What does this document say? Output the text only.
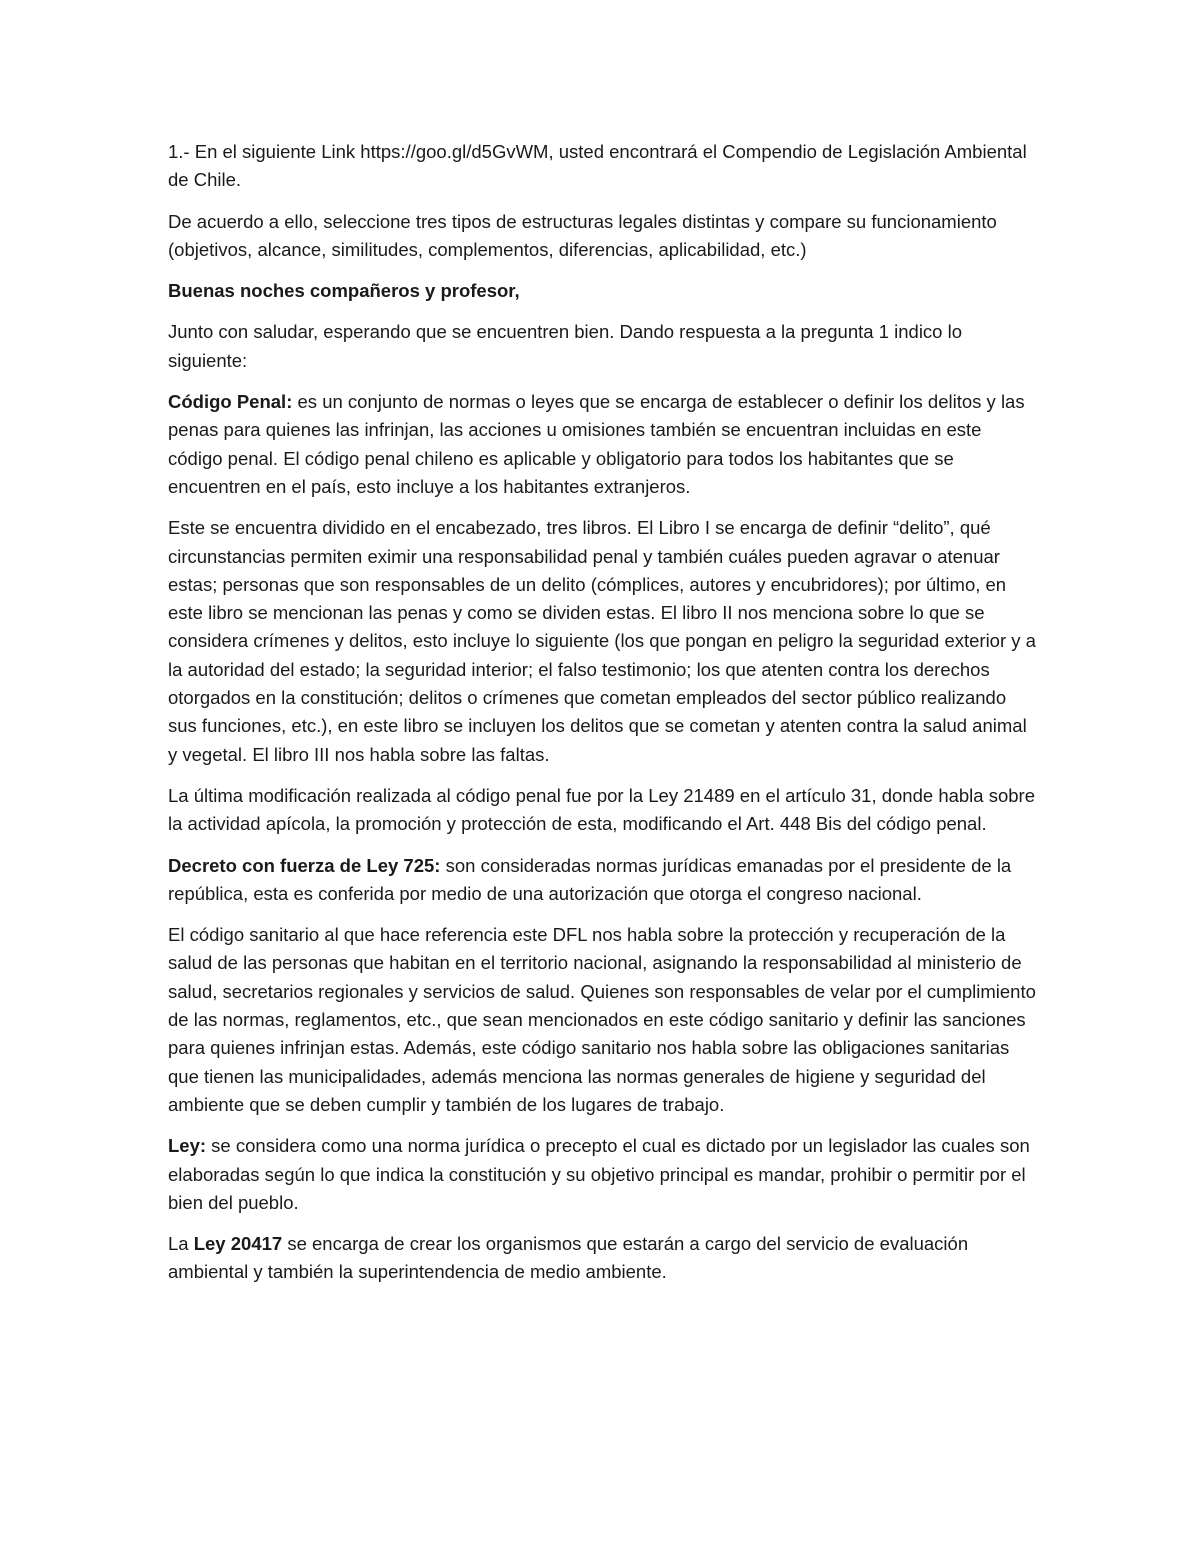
1.- En el siguiente Link https://goo.gl/d5GvWM, usted encontrará el Compendio de Legislación Ambiental de Chile.

De acuerdo a ello, seleccione tres tipos de estructuras legales distintas y compare su funcionamiento (objetivos, alcance, similitudes, complementos, diferencias, aplicabilidad, etc.)

Buenas noches compañeros y profesor,

Junto con saludar, esperando que se encuentren bien. Dando respuesta a la pregunta 1 indico lo siguiente:

Código Penal: es un conjunto de normas o leyes que se encarga de establecer o definir los delitos y las penas para quienes las infrinjan, las acciones u omisiones también se encuentran incluidas en este código penal. El código penal chileno es aplicable y obligatorio para todos los habitantes que se encuentren en el país, esto incluye a los habitantes extranjeros.

Este se encuentra dividido en el encabezado, tres libros. El Libro I se encarga de definir “delito”, qué circunstancias permiten eximir una responsabilidad penal y también cuáles pueden agravar o atenuar estas; personas que son responsables de un delito (cómplices, autores y encubridores); por último, en este libro se mencionan las penas y como se dividen estas. El libro II nos menciona sobre lo que se considera crímenes y delitos, esto incluye lo siguiente (los que pongan en peligro la seguridad exterior y a la autoridad del estado; la seguridad interior; el falso testimonio; los que atenten contra los derechos otorgados en la constitución; delitos o crímenes que cometan empleados del sector público realizando sus funciones, etc.), en este libro se incluyen los delitos que se cometan y atenten contra la salud animal y vegetal. El libro III nos habla sobre las faltas.

La última modificación realizada al código penal fue por la Ley 21489 en el artículo 31, donde habla sobre la actividad apícola, la promoción y protección de esta, modificando el Art. 448 Bis del código penal.

Decreto con fuerza de Ley 725: son consideradas normas jurídicas emanadas por el presidente de la república, esta es conferida por medio de una autorización que otorga el congreso nacional.

El código sanitario al que hace referencia este DFL nos habla sobre la protección y recuperación de la salud de las personas que habitan en el territorio nacional, asignando la responsabilidad al ministerio de salud, secretarios regionales y servicios de salud. Quienes son responsables de velar por el cumplimiento de las normas, reglamentos, etc., que sean mencionados en este código sanitario y definir las sanciones para quienes infrinjan estas. Además, este código sanitario nos habla sobre las obligaciones sanitarias que tienen las municipalidades, además menciona las normas generales de higiene y seguridad del ambiente que se deben cumplir y también de los lugares de trabajo.

Ley: se considera como una norma jurídica o precepto el cual es dictado por un legislador las cuales son elaboradas según lo que indica la constitución y su objetivo principal es mandar, prohibir o permitir por el bien del pueblo.

La Ley 20417 se encarga de crear los organismos que estarán a cargo del servicio de evaluación ambiental y también la superintendencia de medio ambiente.
